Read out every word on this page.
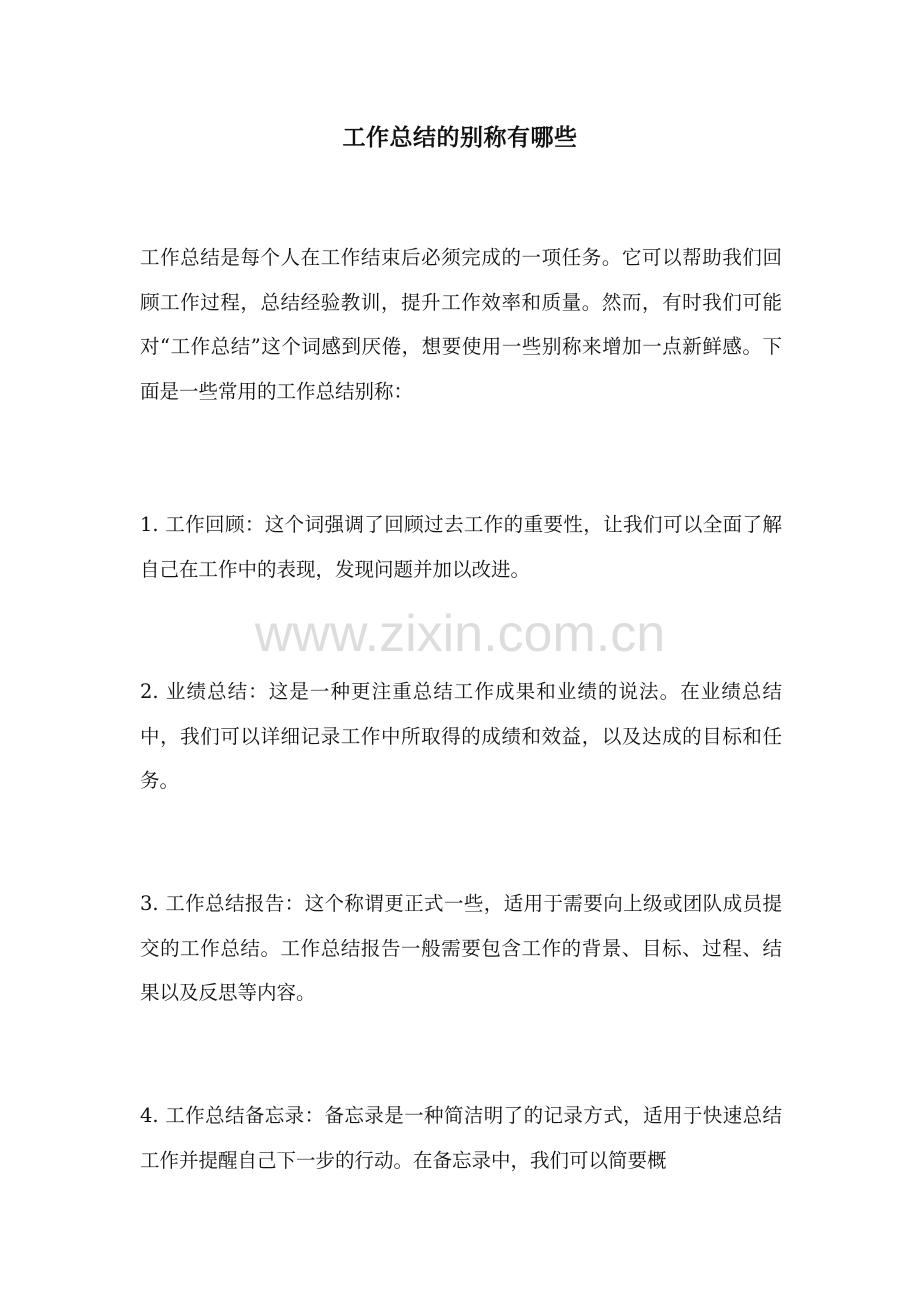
工作总结的别称有哪些

工作总结是每个人在工作结束后必须完成的一项任务。它可以帮助我们回顾工作过程，总结经验教训，提升工作效率和质量。然而，有时我们可能对“工作总结”这个词感到厌倦，想要使用一些别称来增加一点新鲜感。下面是一些常用的工作总结别称：

1. 工作回顾：这个词强调了回顾过去工作的重要性，让我们可以全面了解自己在工作中的表现，发现问题并加以改进。

www.zixin.com.cn

2. 业绩总结：这是一种更注重总结工作成果和业绩的说法。在业绩总结中，我们可以详细记录工作中所取得的成绩和效益，以及达成的目标和任务。

3. 工作总结报告：这个称谓更正式一些，适用于需要向上级或团队成员提交的工作总结。工作总结报告一般需要包含工作的背景、目标、过程、结果以及反思等内容。

4. 工作总结备忘录：备忘录是一种简洁明了的记录方式，适用于快速总结工作并提醒自己下一步的行动。在备忘录中，我们可以简要概
